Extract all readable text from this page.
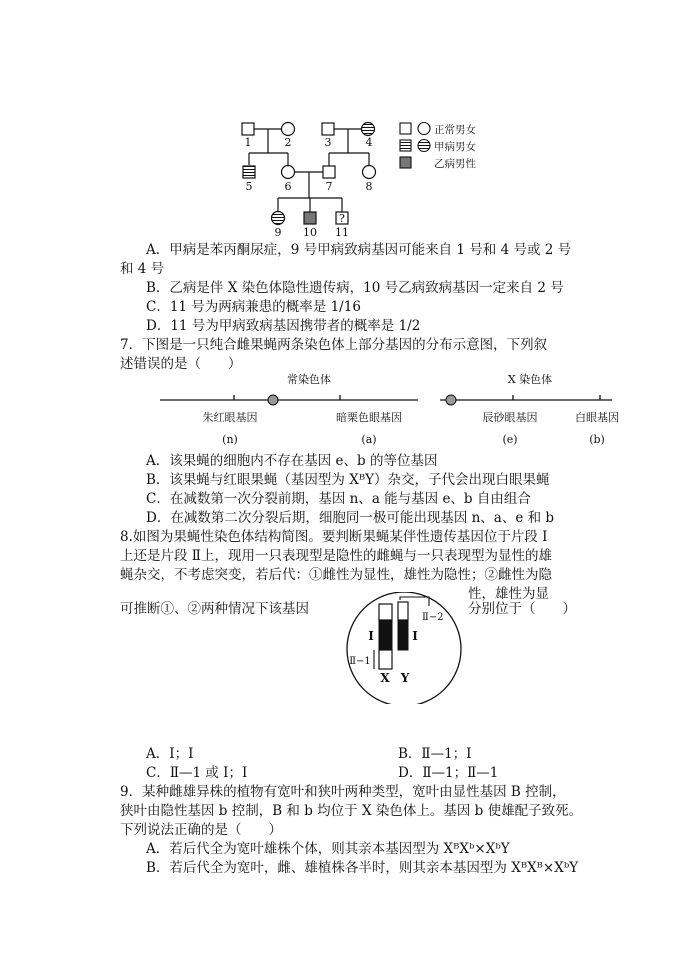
?
1	2	3	4
5	6	7	8
9 10 11
正常男女
甲病男女
乙病男性
A．甲病是苯丙酮尿症，9 号甲病致病基因可能来自 1 号和 4 号或 2 号
和 4 号
B．乙病是伴 X 染色体隐性遗传病，10 号乙病致病基因一定来自 2 号
C．11 号为两病兼患的概率是 1/16
D．11 号为甲病致病基因携带者的概率是 1/2
7．下图是一只纯合雌果蝇两条染色体上部分基因的分布示意图，下列叙
述错误的是（　　）
常染色体	X 染色体
朱红眼基因	暗栗色眼基因	辰砂眼基因	白眼基因
(n)	(a)	(e)	(b)
A．该果蝇的细胞内不存在基因 e、b 的等位基因
B．该果蝇与红眼果蝇（基因型为 XᴮY）杂交，子代会出现白眼果蝇
C．在减数第一次分裂前期，基因 n、a 能与基因 e、b 自由组合
D．在减数第二次分裂后期，细胞同一极可能出现基因 n、a、e 和 b
8.如图为果蝇性染色体结构简图。要判断果蝇某伴性遗传基因位于片段 Ⅰ
上还是片段 Ⅱ上，现用一只表现型是隐性的雌蝇与一只表现型为显性的雄
蝇杂交，不考虑突变，若后代：①雌性为显性，雄性为隐性；②雌性为隐
性，雄性为显
可推断①、②两种情况下该基因	分别位于（　　）
Ⅰ	Ⅰ
Ⅱ−2
Ⅱ−1
X Y
A．Ⅰ；Ⅰ	B．Ⅱ—1；Ⅰ
C．Ⅱ—1 或 Ⅰ；Ⅰ	D．Ⅱ—1；Ⅱ—1
9．某种雌雄异株的植物有宽叶和狭叶两种类型，宽叶由显性基因 B 控制，
狭叶由隐性基因 b 控制，B 和 b 均位于 X 染色体上。基因 b 使雄配子致死。
下列说法正确的是（　　）
A．若后代全为宽叶雄株个体，则其亲本基因型为 XᴮXᵇ×XᵇY
B．若后代全为宽叶，雌、雄植株各半时，则其亲本基因型为 XᴮXᴮ×XᵇY
